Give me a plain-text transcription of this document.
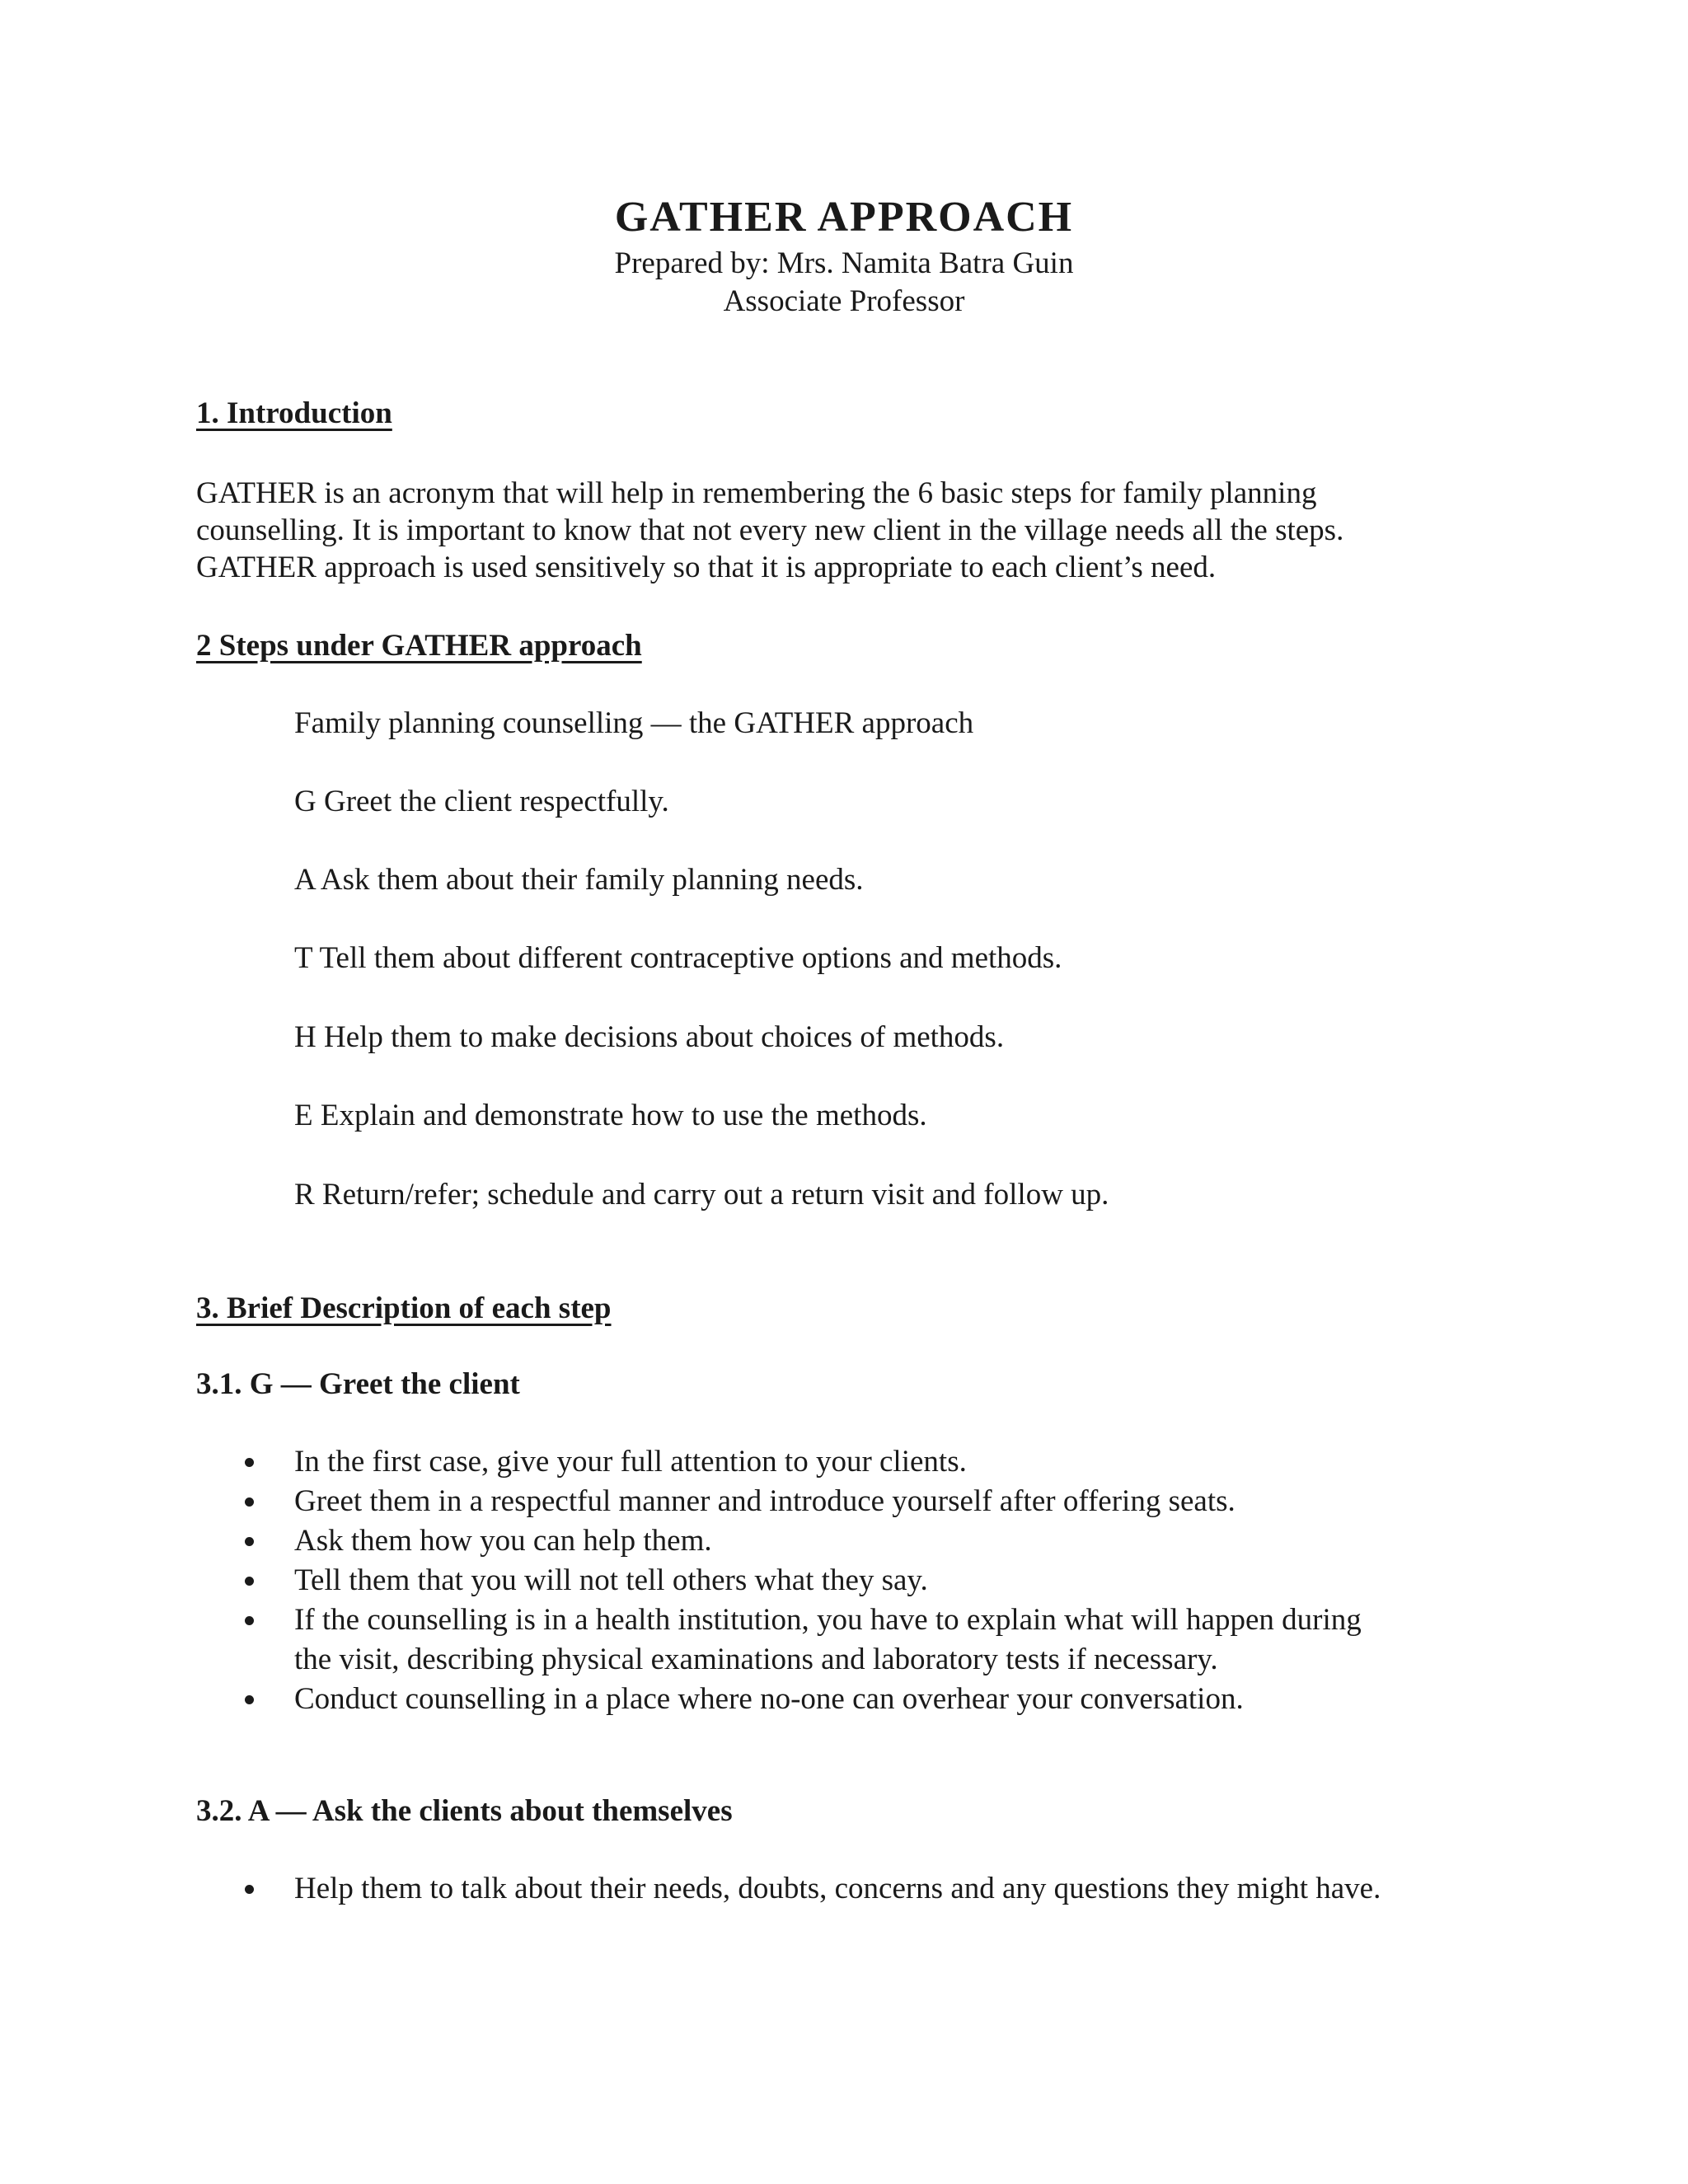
GATHER APPROACH
Prepared by: Mrs. Namita Batra Guin
Associate Professor
1. Introduction
GATHER is an acronym that will help in remembering the 6 basic steps for family planning
counselling. It is important to know that not every new client in the village needs all the steps.
GATHER approach is used sensitively so that it is appropriate to each client’s need.
2 Steps under GATHER approach
Family planning counselling — the GATHER approach
G Greet the client respectfully.
A Ask them about their family planning needs.
T Tell them about different contraceptive options and methods.
H Help them to make decisions about choices of methods.
E Explain and demonstrate how to use the methods.
R Return/refer; schedule and carry out a return visit and follow up.
3. Brief Description of each step
3.1. G — Greet the client
In the first case, give your full attention to your clients.
Greet them in a respectful manner and introduce yourself after offering seats.
Ask them how you can help them.
Tell them that you will not tell others what they say.
If the counselling is in a health institution, you have to explain what will happen during
the visit, describing physical examinations and laboratory tests if necessary.
Conduct counselling in a place where no-one can overhear your conversation.
3.2. A — Ask the clients about themselves
Help them to talk about their needs, doubts, concerns and any questions they might have.
